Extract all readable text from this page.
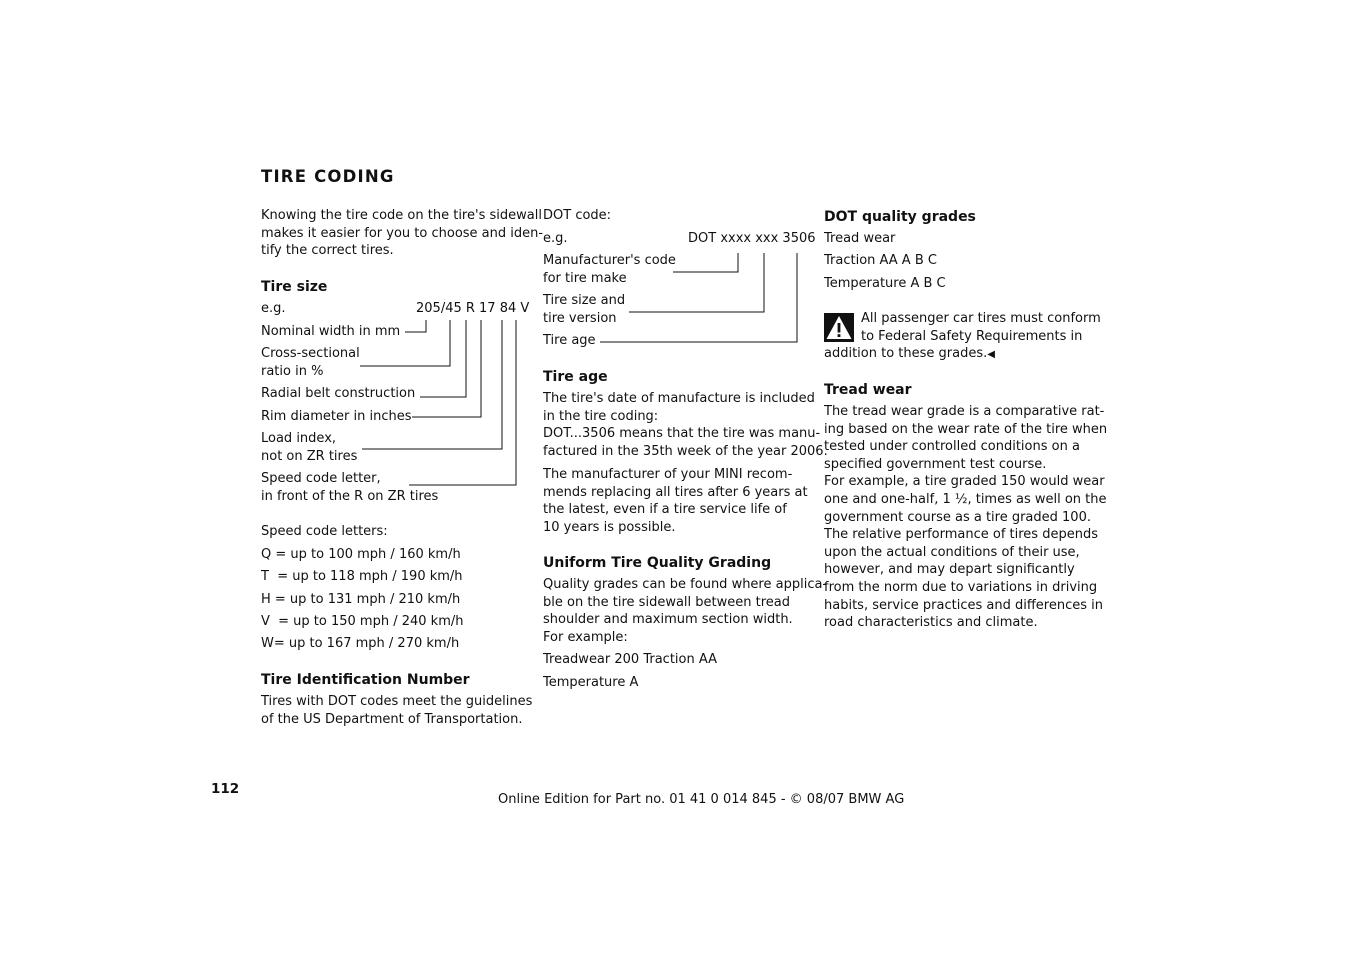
TIRE CODING
Knowing the tire code on the tire's sidewall
makes it easier for you to choose and iden-
tify the correct tires.
Tire size
e.g.	205/45 R 17 84 V
Nominal width in mm
Cross-sectional
ratio in %
Radial belt construction
Rim diameter in inches
Load index,
not on ZR tires
Speed code letter,
in front of the R on ZR tires
Speed code letters:
Q = up to 100 mph / 160 km/h
T  = up to 118 mph / 190 km/h
H = up to 131 mph / 210 km/h
V  = up to 150 mph / 240 km/h
W= up to 167 mph / 270 km/h
Tire Identification Number
Tires with DOT codes meet the guidelines
of the US Department of Transportation.
DOT code:
e.g.	DOT xxxx xxx 3506
Manufacturer's code
for tire make
Tire size and
tire version
Tire age
Tire age
The tire's date of manufacture is included
in the tire coding:
DOT...3506 means that the tire was manu-
factured in the 35th week of the year 2006.
The manufacturer of your MINI recom-
mends replacing all tires after 6 years at
the latest, even if a tire service life of
10 years is possible.
Uniform Tire Quality Grading
Quality grades can be found where applica-
ble on the tire sidewall between tread
shoulder and maximum section width.
For example:
Treadwear 200 Traction AA
Temperature A
DOT quality grades
Tread wear
Traction AA A B C
Temperature A B C
All passenger car tires must conform
to Federal Safety Requirements in
addition to these grades.◀
Tread wear
The tread wear grade is a comparative rat-
ing based on the wear rate of the tire when
tested under controlled conditions on a
specified government test course.
For example, a tire graded 150 would wear
one and one-half, 1 ½, times as well on the
government course as a tire graded 100.
The relative performance of tires depends
upon the actual conditions of their use,
however, and may depart significantly
from the norm due to variations in driving
habits, service practices and differences in
road characteristics and climate.
112
Online Edition for Part no. 01 41 0 014 845 - © 08/07 BMW AG
